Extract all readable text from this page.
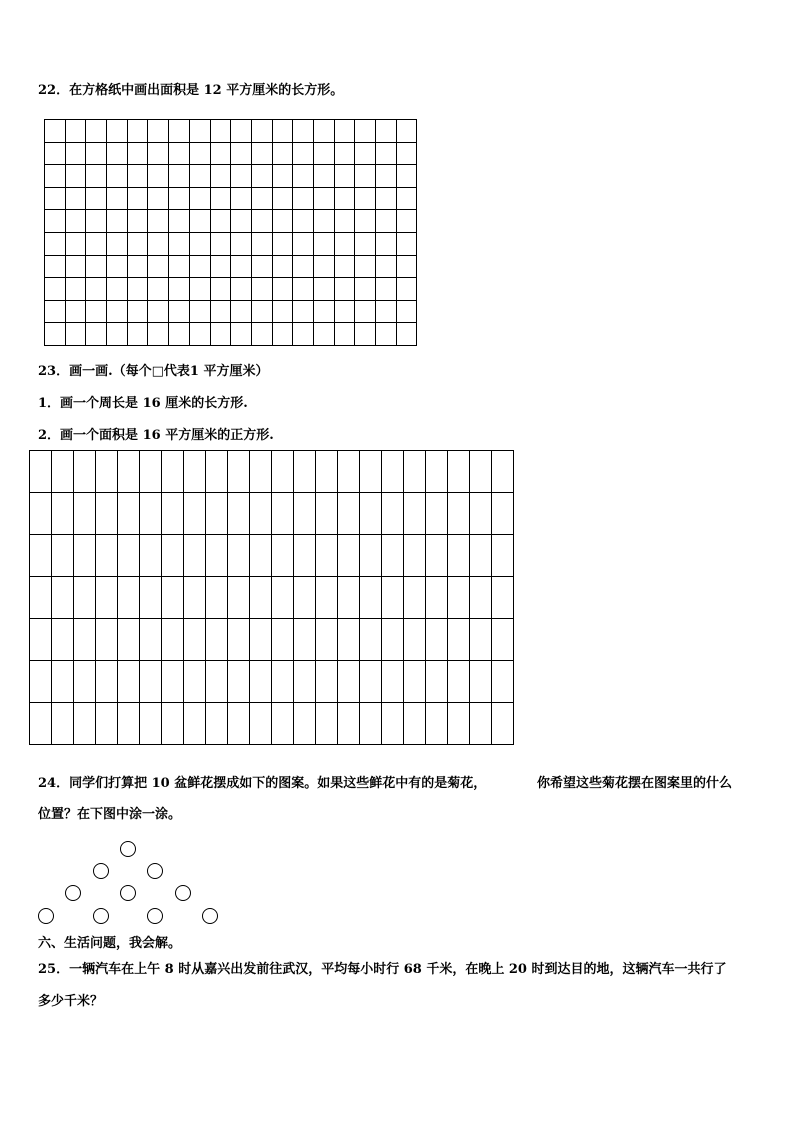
22．在方格纸中画出面积是 12 平方厘米的长方形。

23．画一画.（每个□代表1 平方厘米）
1．画一个周长是 16 厘米的长方形.
2．画一个面积是 16 平方厘米的正方形.

24．同学们打算把 10 盆鲜花摆成如下的图案。如果这些鲜花中有的是菊花，	你希望这些菊花摆在图案里的什么
位置？在下图中涂一涂。
六、生活问题，我会解。
25．一辆汽车在上午 8 时从嘉兴出发前往武汉，平均每小时行 68 千米，在晚上 20 时到达目的地，这辆汽车一共行了
多少千米？
